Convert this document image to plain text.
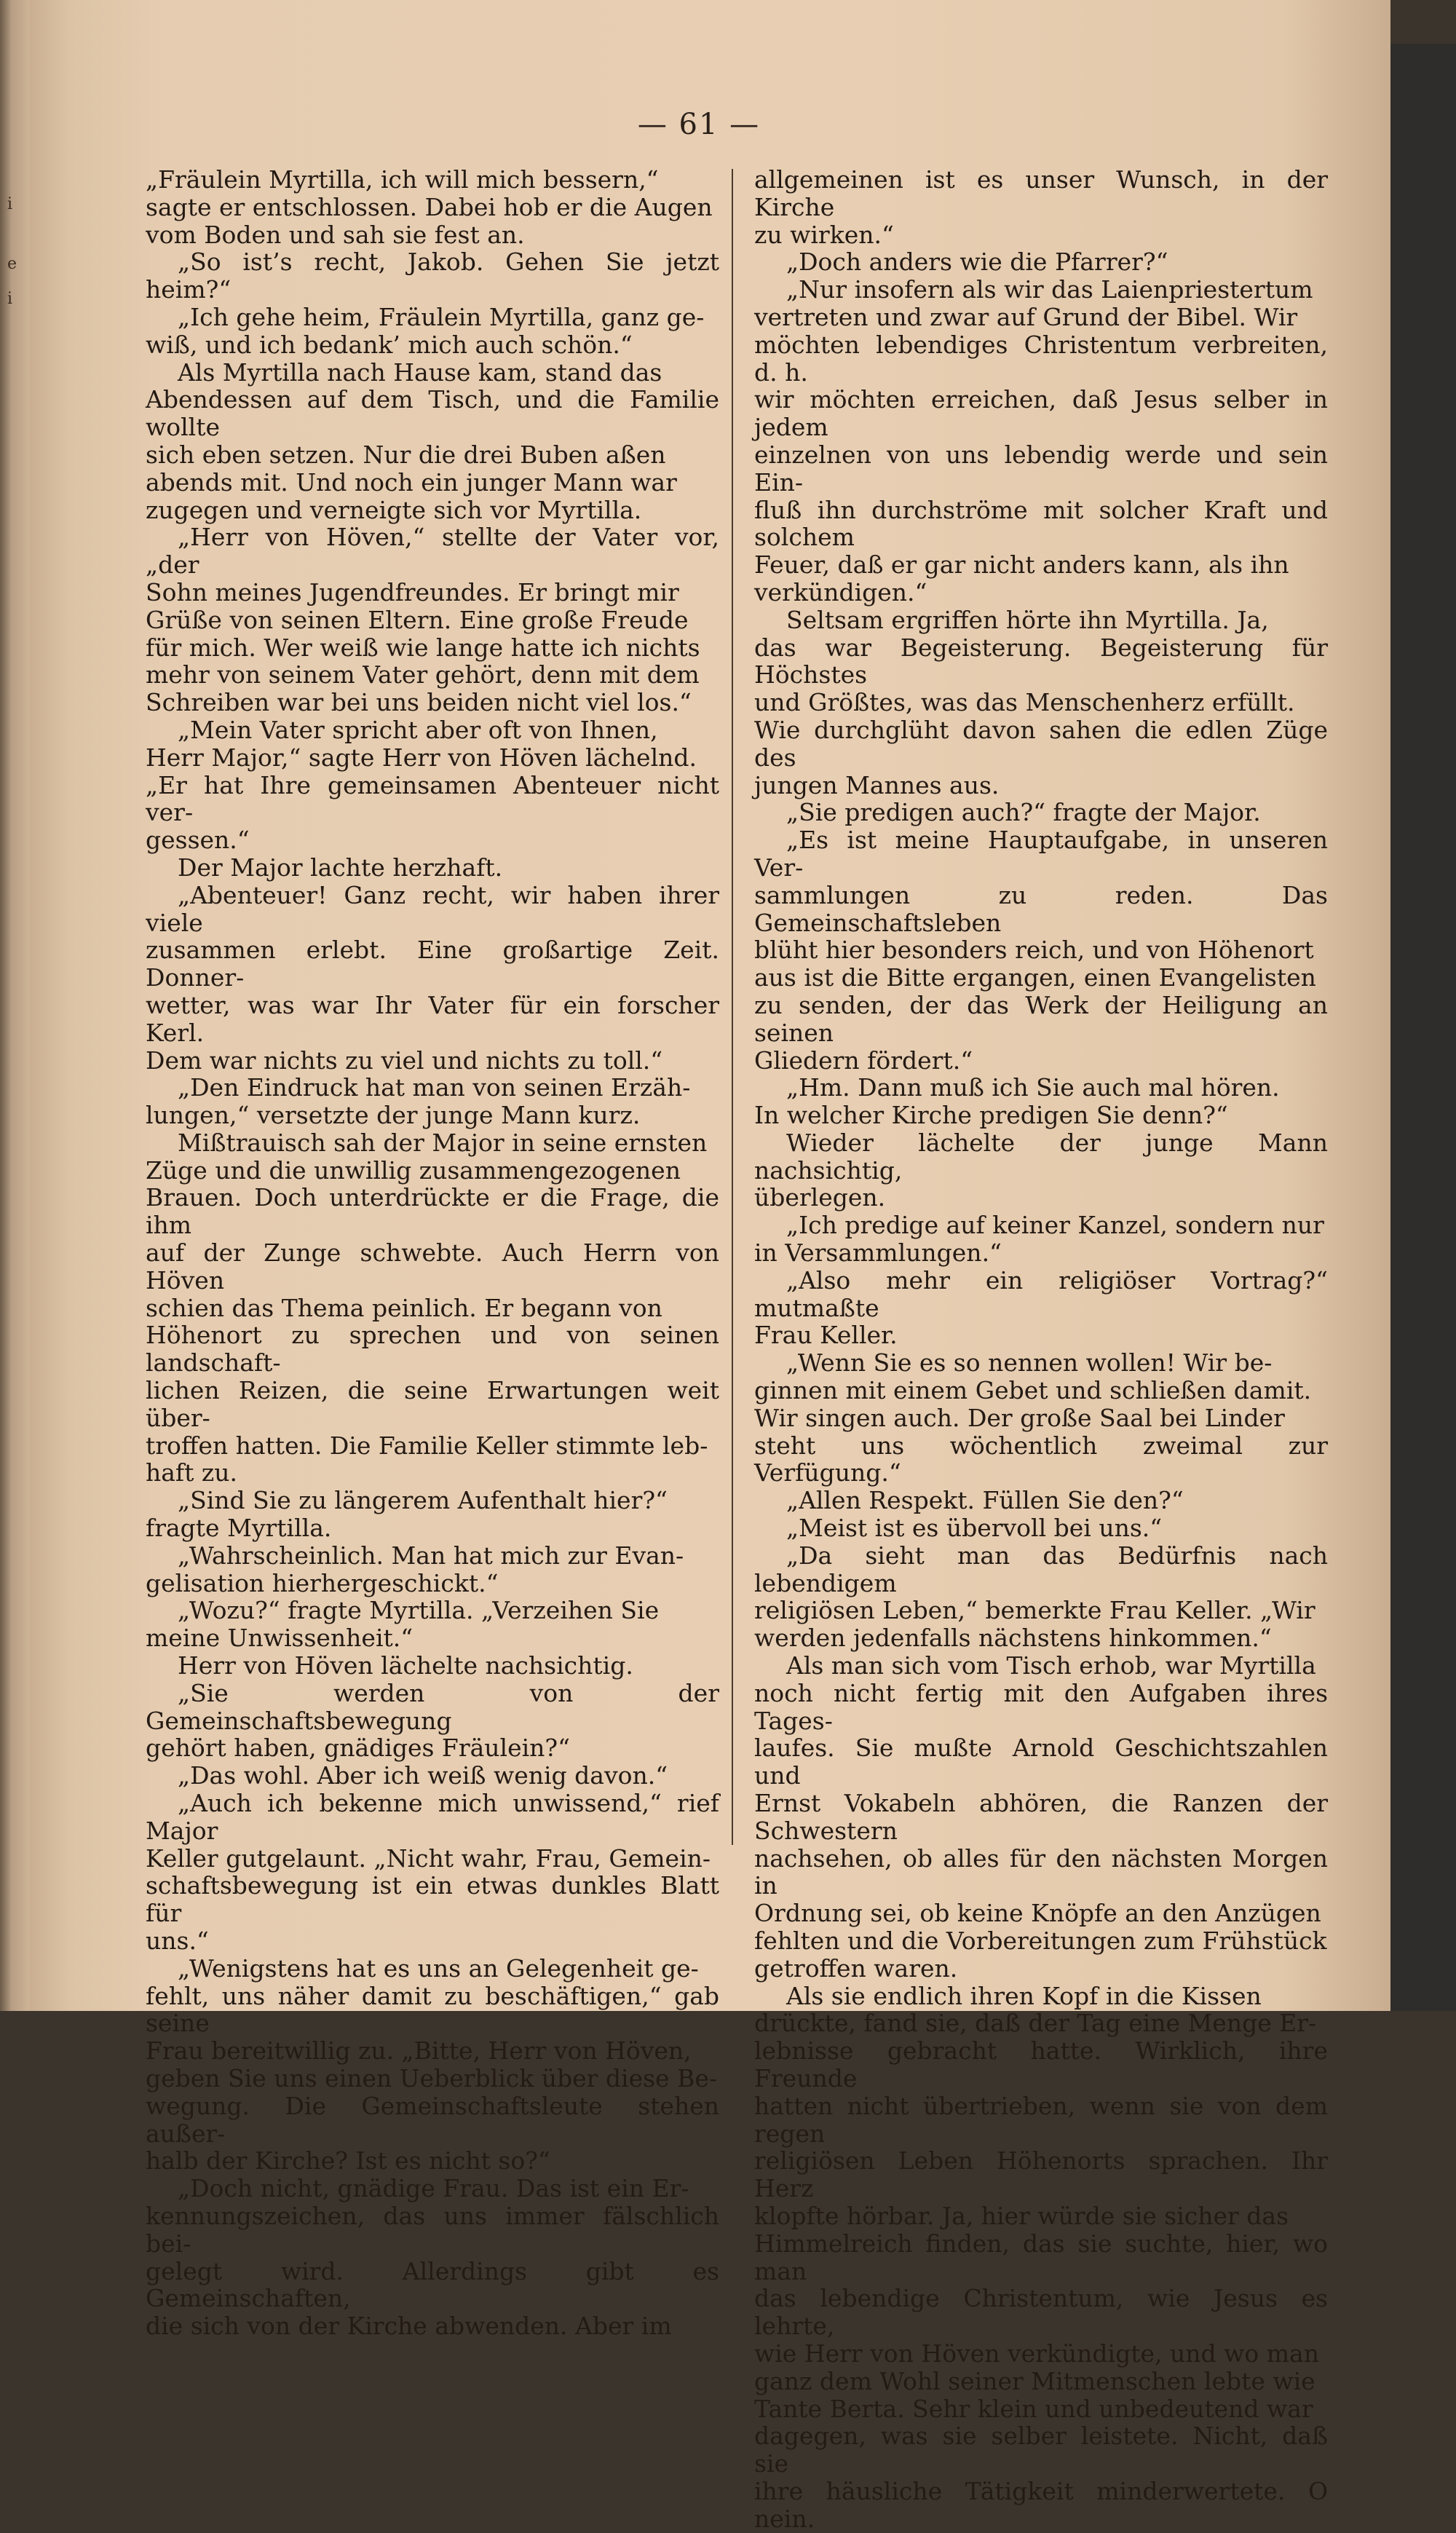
i
e
i
— 61 —

„Fräulein Myrtilla, ich will mich bessern,“
sagte er entschlossen. Dabei hob er die Augen
vom Boden und sah sie fest an.

„So ist’s recht, Jakob. Gehen Sie jetzt heim?“

„Ich gehe heim, Fräulein Myrtilla, ganz ge-
wiß, und ich bedank’ mich auch schön.“

Als Myrtilla nach Hause kam, stand das
Abendessen auf dem Tisch, und die Familie wollte
sich eben setzen. Nur die drei Buben aßen
abends mit. Und noch ein junger Mann war
zugegen und verneigte sich vor Myrtilla.

„Herr von Höven,“ stellte der Vater vor, „der
Sohn meines Jugendfreundes. Er bringt mir
Grüße von seinen Eltern. Eine große Freude
für mich. Wer weiß wie lange hatte ich nichts
mehr von seinem Vater gehört, denn mit dem
Schreiben war bei uns beiden nicht viel los.“

„Mein Vater spricht aber oft von Ihnen,
Herr Major,“ sagte Herr von Höven lächelnd.
„Er hat Ihre gemeinsamen Abenteuer nicht ver-
gessen.“

Der Major lachte herzhaft.

„Abenteuer! Ganz recht, wir haben ihrer viele
zusammen erlebt. Eine großartige Zeit. Donner-
wetter, was war Ihr Vater für ein forscher Kerl.
Dem war nichts zu viel und nichts zu toll.“

„Den Eindruck hat man von seinen Erzäh-
lungen,“ versetzte der junge Mann kurz.

Mißtrauisch sah der Major in seine ernsten
Züge und die unwillig zusammengezogenen
Brauen. Doch unterdrückte er die Frage, die ihm
auf der Zunge schwebte. Auch Herrn von Höven
schien das Thema peinlich. Er begann von
Höhenort zu sprechen und von seinen landschaft-
lichen Reizen, die seine Erwartungen weit über-
troffen hatten. Die Familie Keller stimmte leb-
haft zu.

„Sind Sie zu längerem Aufenthalt hier?“
fragte Myrtilla.

„Wahrscheinlich. Man hat mich zur Evan-
gelisation hierhergeschickt.“

„Wozu?“ fragte Myrtilla. „Verzeihen Sie
meine Unwissenheit.“

Herr von Höven lächelte nachsichtig.

„Sie werden von der Gemeinschaftsbewegung
gehört haben, gnädiges Fräulein?“

„Das wohl. Aber ich weiß wenig davon.“

„Auch ich bekenne mich unwissend,“ rief Major
Keller gutgelaunt. „Nicht wahr, Frau, Gemein-
schaftsbewegung ist ein etwas dunkles Blatt für
uns.“

„Wenigstens hat es uns an Gelegenheit ge-
fehlt, uns näher damit zu beschäftigen,“ gab seine
Frau bereitwillig zu. „Bitte, Herr von Höven,
geben Sie uns einen Ueberblick über diese Be-
wegung. Die Gemeinschaftsleute stehen außer-
halb der Kirche? Ist es nicht so?“

„Doch nicht, gnädige Frau. Das ist ein Er-
kennungszeichen, das uns immer fälschlich bei-
gelegt wird. Allerdings gibt es Gemeinschaften,
die sich von der Kirche abwenden. Aber im

allgemeinen ist es unser Wunsch, in der Kirche
zu wirken.“

„Doch anders wie die Pfarrer?“

„Nur insofern als wir das Laienpriestertum
vertreten und zwar auf Grund der Bibel. Wir
möchten lebendiges Christentum verbreiten, d. h.
wir möchten erreichen, daß Jesus selber in jedem
einzelnen von uns lebendig werde und sein Ein-
fluß ihn durchströme mit solcher Kraft und solchem
Feuer, daß er gar nicht anders kann, als ihn
verkündigen.“

Seltsam ergriffen hörte ihn Myrtilla. Ja,
das war Begeisterung. Begeisterung für Höchstes
und Größtes, was das Menschenherz erfüllt.
Wie durchglüht davon sahen die edlen Züge des
jungen Mannes aus.

„Sie predigen auch?“ fragte der Major.

„Es ist meine Hauptaufgabe, in unseren Ver-
sammlungen zu reden. Das Gemeinschaftsleben
blüht hier besonders reich, und von Höhenort
aus ist die Bitte ergangen, einen Evangelisten
zu senden, der das Werk der Heiligung an seinen
Gliedern fördert.“

„Hm. Dann muß ich Sie auch mal hören.
In welcher Kirche predigen Sie denn?“

Wieder lächelte der junge Mann nachsichtig,
überlegen.

„Ich predige auf keiner Kanzel, sondern nur
in Versammlungen.“

„Also mehr ein religiöser Vortrag?“ mutmaßte
Frau Keller.

„Wenn Sie es so nennen wollen! Wir be-
ginnen mit einem Gebet und schließen damit.
Wir singen auch. Der große Saal bei Linder
steht uns wöchentlich zweimal zur Verfügung.“

„Allen Respekt. Füllen Sie den?“

„Meist ist es übervoll bei uns.“

„Da sieht man das Bedürfnis nach lebendigem
religiösen Leben,“ bemerkte Frau Keller. „Wir
werden jedenfalls nächstens hinkommen.“

Als man sich vom Tisch erhob, war Myrtilla
noch nicht fertig mit den Aufgaben ihres Tages-
laufes. Sie mußte Arnold Geschichtszahlen und
Ernst Vokabeln abhören, die Ranzen der Schwestern
nachsehen, ob alles für den nächsten Morgen in
Ordnung sei, ob keine Knöpfe an den Anzügen
fehlten und die Vorbereitungen zum Frühstück
getroffen waren.

Als sie endlich ihren Kopf in die Kissen
drückte, fand sie, daß der Tag eine Menge Er-
lebnisse gebracht hatte. Wirklich, ihre Freunde
hatten nicht übertrieben, wenn sie von dem regen
religiösen Leben Höhenorts sprachen. Ihr Herz
klopfte hörbar. Ja, hier würde sie sicher das
Himmelreich finden, das sie suchte, hier, wo man
das lebendige Christentum, wie Jesus es lehrte,
wie Herr von Höven verkündigte, und wo man
ganz dem Wohl seiner Mitmenschen lebte wie
Tante Berta. Sehr klein und unbedeutend war
dagegen, was sie selber leistete. Nicht, daß sie
ihre häusliche Tätigkeit minderwertete. O nein.
